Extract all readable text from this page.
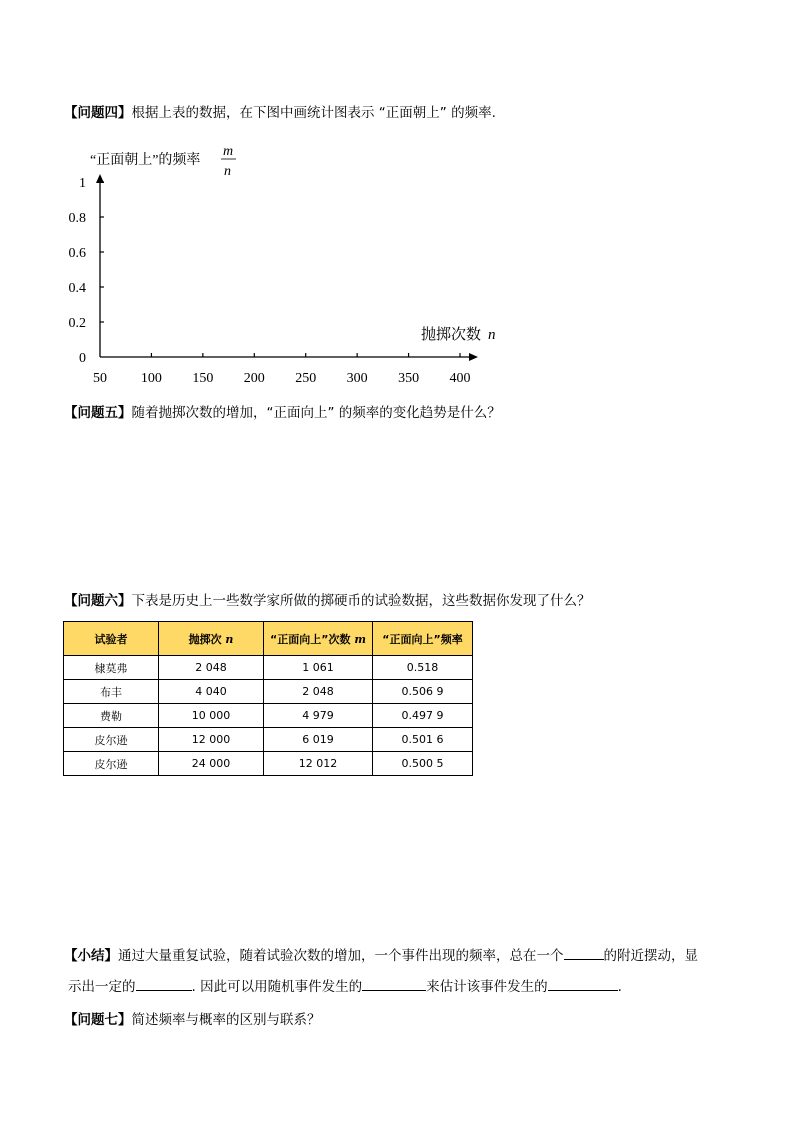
【问题四】根据上表的数据，在下图中画统计图表示 “正面朝上” 的频率.
“正面朝上”的频率
m
n
抛掷次数 n
50 100 150 200 250 300 350 400
0
0.2
0.4
0.6
0.8
1
【问题五】随着抛掷次数的增加，“正面向上” 的频率的变化趋势是什么？
【问题六】下表是历史上一些数学家所做的掷硬币的试验数据，这些数据你发现了什么？
试验者	抛掷次 n	“正面向上”次数 m	“正面向上”频率
棣莫弗	2 048	1 061	0.518
布丰	4 040	2 048	0.506 9
费勒	10 000	4 979	0.497 9
皮尔逊	12 000	6 019	0.501 6
皮尔逊	24 000	12 012	0.500 5
【小结】通过大量重复试验，随着试验次数的增加，一个事件出现的频率，总在一个	的附近摆动，显
示出一定的	. 因此可以用随机事件发生的	来估计该事件发生的	.
【问题七】简述频率与概率的区别与联系？
